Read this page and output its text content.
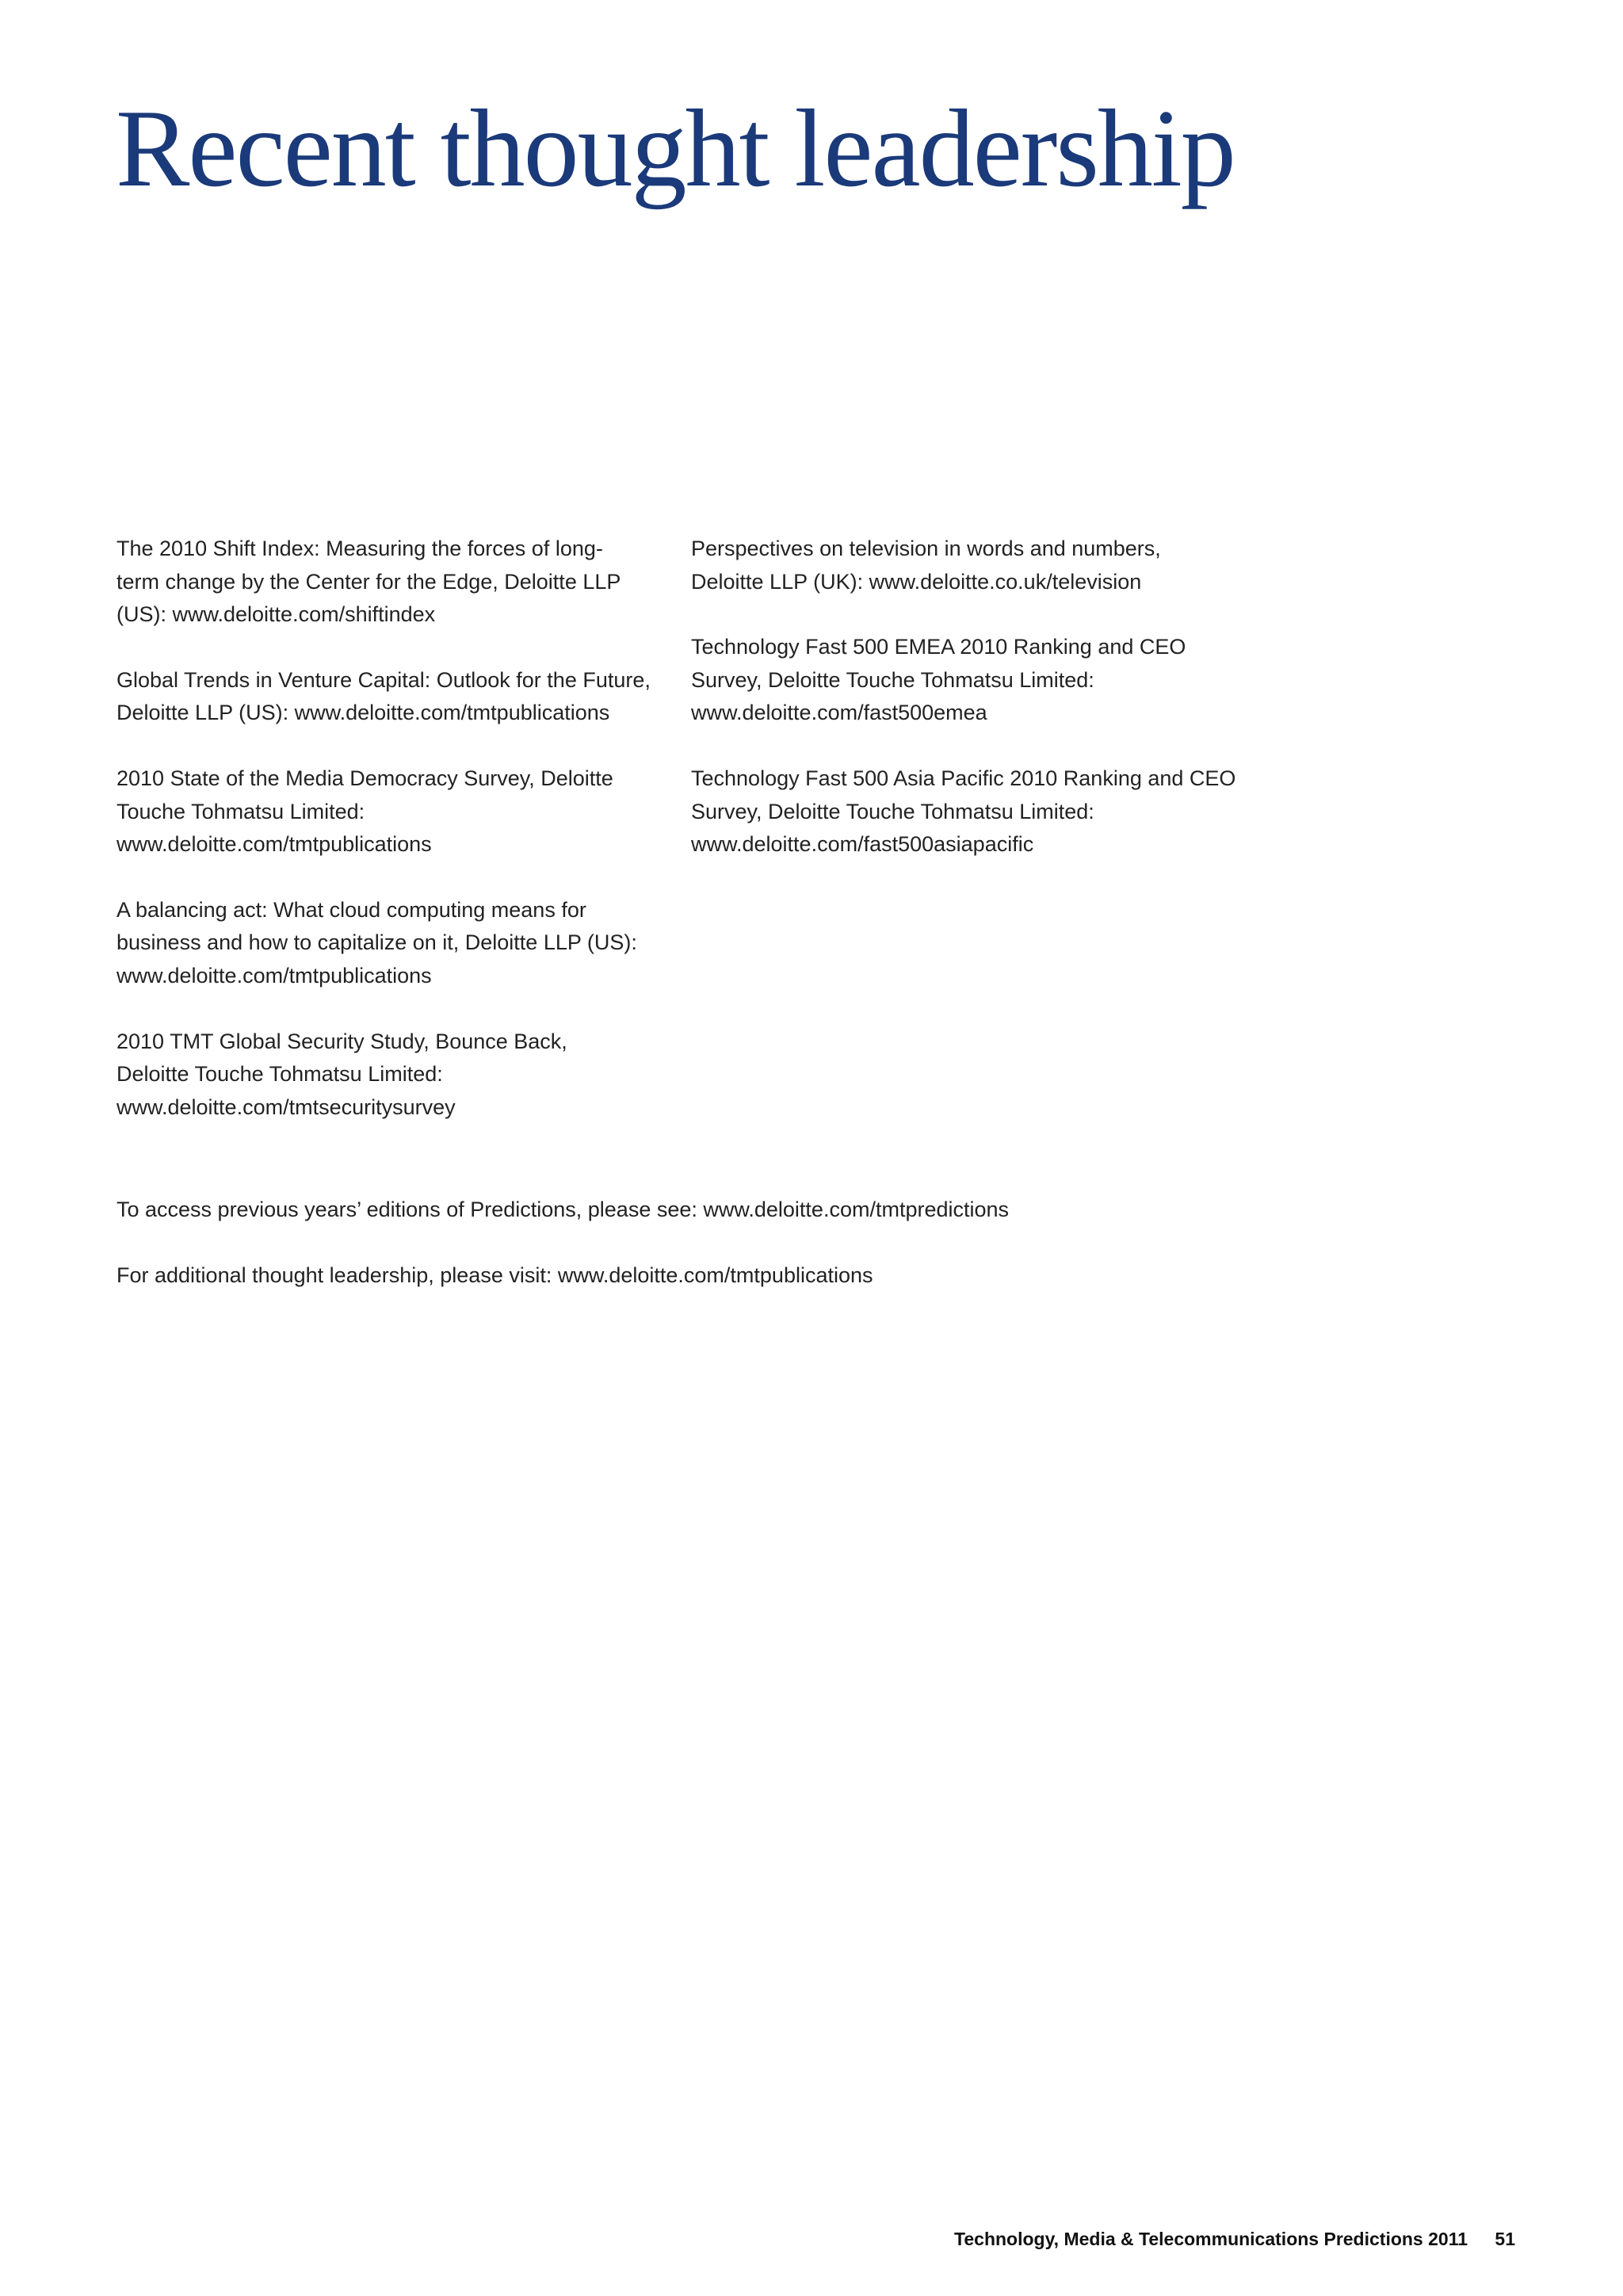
Recent thought leadership

The 2010 Shift Index: Measuring the forces of long-
term change by the Center for the Edge, Deloitte LLP
(US): www.deloitte.com/shiftindex

Global Trends in Venture Capital: Outlook for the Future,
Deloitte LLP (US): www.deloitte.com/tmtpublications

2010 State of the Media Democracy Survey, Deloitte
Touche Tohmatsu Limited:
www.deloitte.com/tmtpublications

A balancing act: What cloud computing means for
business and how to capitalize on it, Deloitte LLP (US):
www.deloitte.com/tmtpublications

2010 TMT Global Security Study, Bounce Back,
Deloitte Touche Tohmatsu Limited:
www.deloitte.com/tmtsecuritysurvey

Perspectives on television in words and numbers,
Deloitte LLP (UK): www.deloitte.co.uk/television

Technology Fast 500 EMEA 2010 Ranking and CEO
Survey, Deloitte Touche Tohmatsu Limited:
www.deloitte.com/fast500emea

Technology Fast 500 Asia Pacific 2010 Ranking and CEO
Survey, Deloitte Touche Tohmatsu Limited:
www.deloitte.com/fast500asiapacific

To access previous years’ editions of Predictions, please see: www.deloitte.com/tmtpredictions

For additional thought leadership, please visit: www.deloitte.com/tmtpublications

Technology, Media & Telecommunications Predictions 2011 51
